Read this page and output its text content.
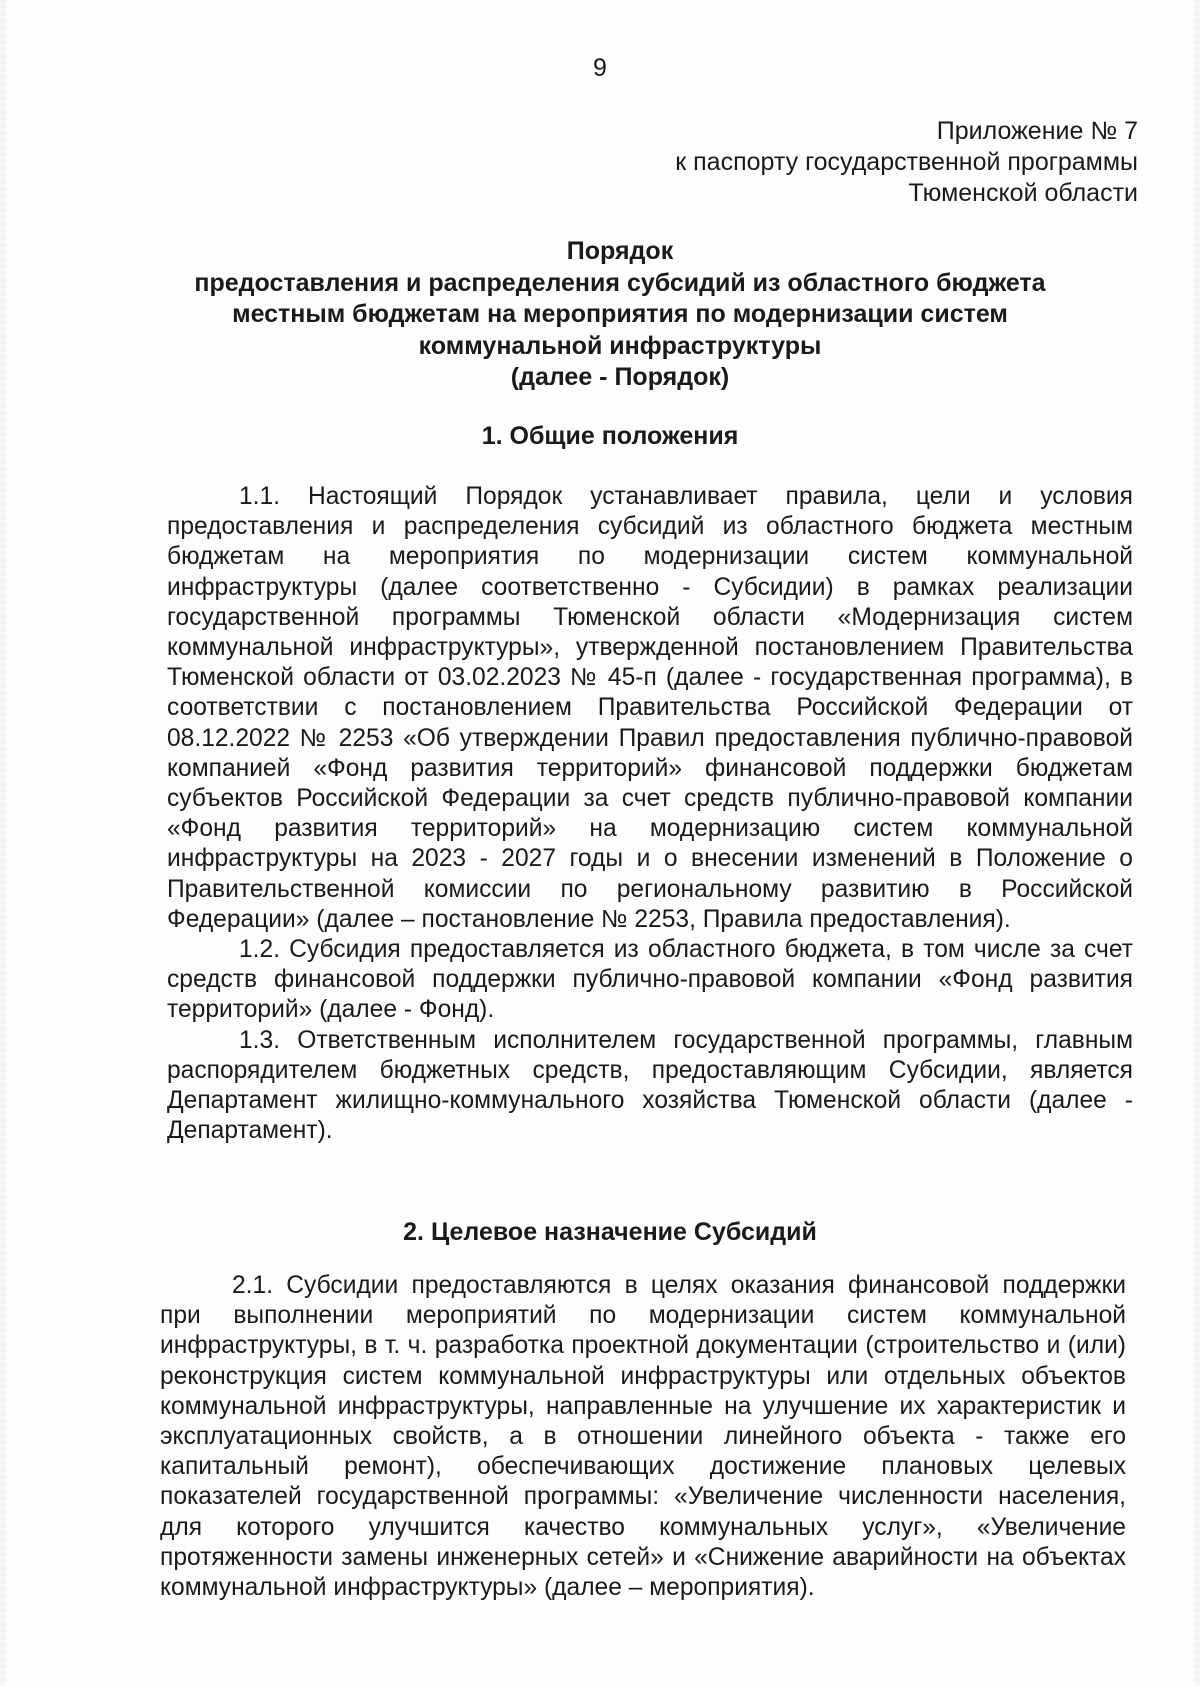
9
Приложение № 7
к паспорту государственной программы
Тюменской области
Порядок
предоставления и распределения субсидий из областного бюджета
местным бюджетам на мероприятия по модернизации систем
коммунальной инфраструктуры
(далее - Порядок)
1. Общие положения

1.1. Настоящий Порядок устанавливает правила, цели и условия предоставления и распределения субсидий из областного бюджета местным бюджетам на мероприятия по модернизации систем коммунальной инфраструктуры (далее соответственно - Субсидии) в рамках реализации государственной программы Тюменской области «Модернизация систем коммунальной инфраструктуры», утвержденной постановлением Правительства Тюменской области от 03.02.2023 № 45-п (далее - государственная программа), в соответствии с постановлением Правительства Российской Федерации от 08.12.2022 № 2253 «Об утверждении Правил предоставления публично-правовой компанией «Фонд развития территорий» финансовой поддержки бюджетам субъектов Российской Федерации за счет средств публично-правовой компании «Фонд развития территорий» на модернизацию систем коммунальной инфраструктуры на 2023 - 2027 годы и о внесении изменений в Положение о Правительственной комиссии по региональному развитию в Российской Федерации» (далее – постановление № 2253, Правила предоставления).

1.2. Субсидия предоставляется из областного бюджета, в том числе за счет средств финансовой поддержки публично-правовой компании «Фонд развития территорий» (далее - Фонд).

1.3. Ответственным исполнителем государственной программы, главным распорядителем бюджетных средств, предоставляющим Субсидии, является Департамент жилищно-коммунального хозяйства Тюменской области (далее - Департамент).

2. Целевое назначение Субсидий

2.1. Субсидии предоставляются в целях оказания финансовой поддержки при выполнении мероприятий по модернизации систем коммунальной инфраструктуры, в т. ч. разработка проектной документации (строительство и (или) реконструкция систем коммунальной инфраструктуры или отдельных объектов коммунальной инфраструктуры, направленные на улучшение их характеристик и эксплуатационных свойств, а в отношении линейного объекта - также его капитальный ремонт), обеспечивающих достижение плановых целевых показателей государственной программы: «Увеличение численности населения, для которого улучшится качество коммунальных услуг», «Увеличение протяженности замены инженерных сетей» и «Снижение аварийности на объектах коммунальной инфраструктуры» (далее – мероприятия).
